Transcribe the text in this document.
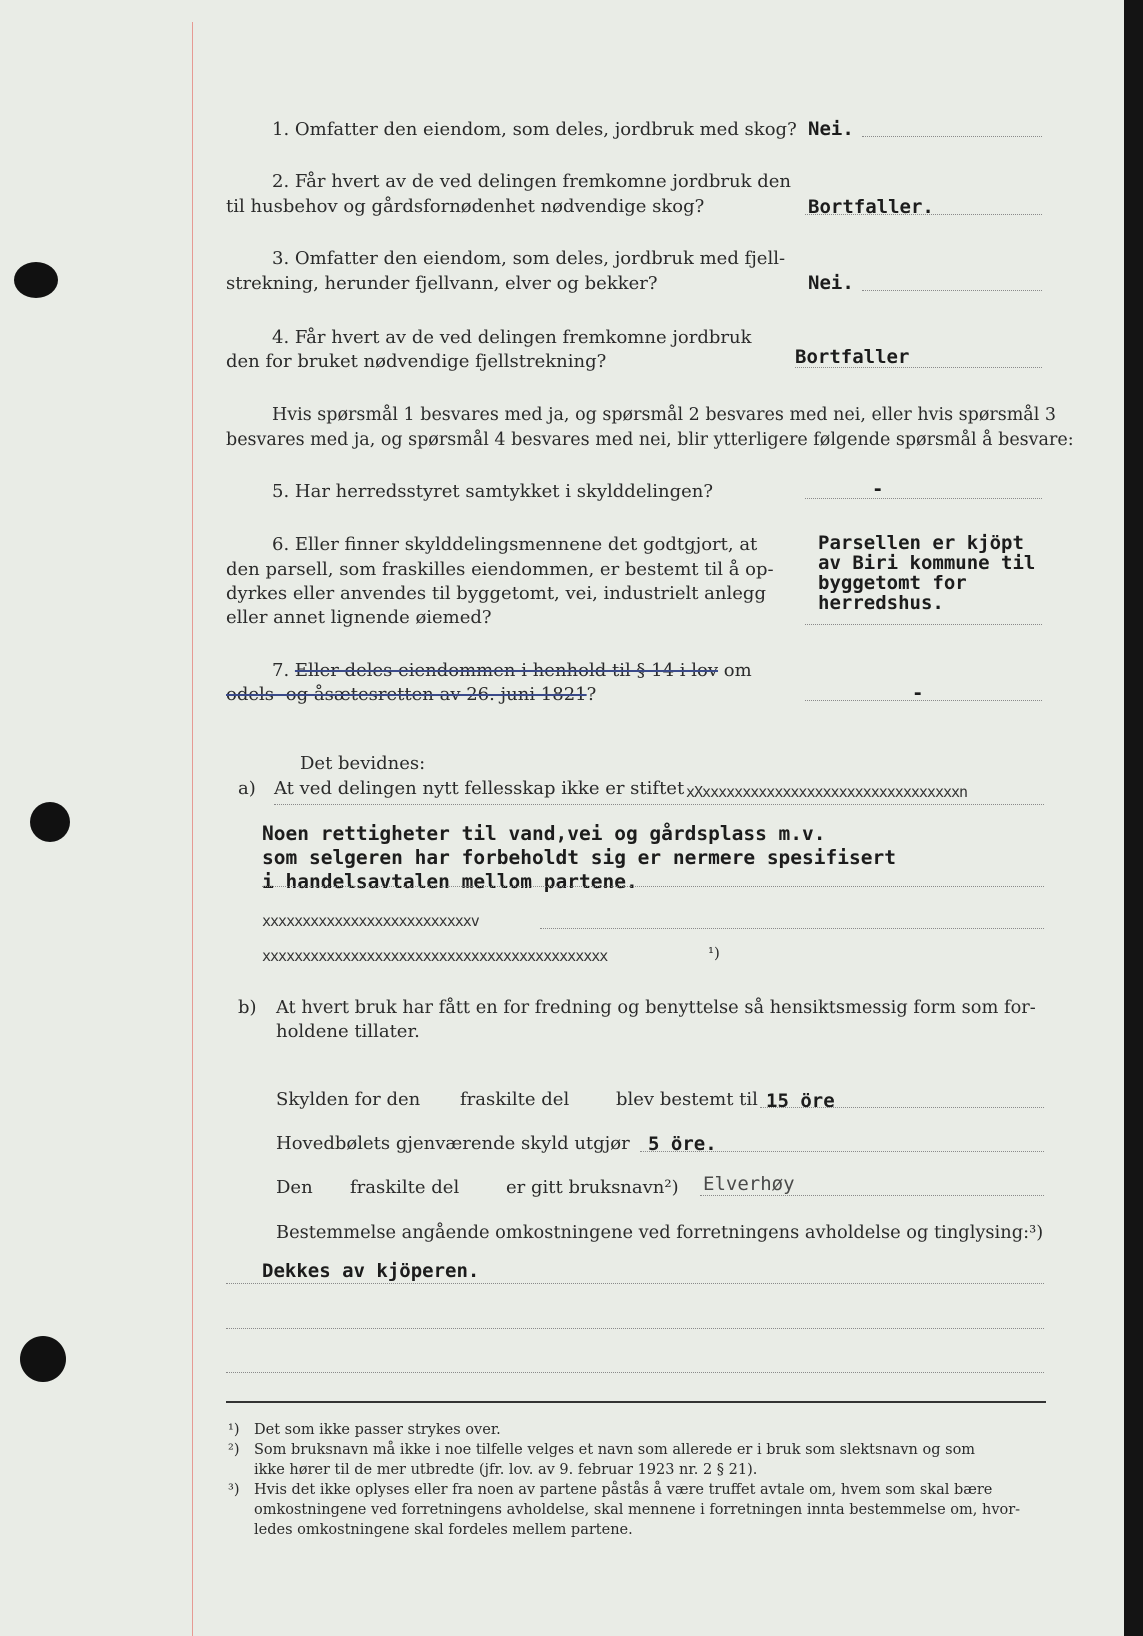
1. Omfatter den eiendom, som deles, jordbruk med skog? Nei.
2. Får hvert av de ved delingen fremkomne jordbruk den
til husbehov og gårdsfornødenhet nødvendige skog?	Bortfaller.
3. Omfatter den eiendom, som deles, jordbruk med fjell-
strekning, herunder fjellvann, elver og bekker?	Nei.
4. Får hvert av de ved delingen fremkomne jordbruk
den for bruket nødvendige fjellstrekning?	Bortfaller
Hvis spørsmål 1 besvares med ja, og spørsmål 2 besvares med nei, eller hvis spørsmål 3
besvares med ja, og spørsmål 4 besvares med nei, blir ytterligere følgende spørsmål å besvare:
5. Har herredsstyret samtykket i skylddelingen?	-
6. Eller finner skylddelingsmennene det godtgjort, at
den parsell, som fraskilles eiendommen, er bestemt til å op-
dyrkes eller anvendes til byggetomt, vei, industrielt anlegg
eller annet lignende øiemed?
Parsellen er kjöpt
av Biri kommune til
byggetomt for
herredshus.
7. Eller deles eiendommen i henhold til § 14 i lov om
odels- og åsætesretten av 26. juni 1821?	-
Det bevidnes:
a) At ved delingen nytt fellesskap ikke er stiftet xXxxxxxxxxxxxxxxxxxxxxxxxxxxxxxxxxn
Noen rettigheter til vand,vei og gårdsplass m.v.
som selgeren har forbeholdt sig er nermere spesifisert
i handelsavtalen mellom partene.
xxxxxxxxxxxxxxxxxxxxxxxxxxv
xxxxxxxxxxxxxxxxxxxxxxxxxxxxxxxxxxxxxxxxxxx	¹)
b) At hvert bruk har fått en for fredning og benyttelse så hensiktsmessig form som for-
holdene tillater.
Skylden for den fraskilte del	blev bestemt til 15 öre
Hovedbølets gjenværende skyld utgjør 5 öre.
Den fraskilte del	er gitt bruksnavn²) Elverhøy
Bestemmelse angående omkostningene ved forretningens avholdelse og tinglysing:³)
Dekkes av kjöperen.
¹) Det som ikke passer strykes over.
²) Som bruksnavn må ikke i noe tilfelle velges et navn som allerede er i bruk som slektsnavn og som
ikke hører til de mer utbredte (jfr. lov. av 9. februar 1923 nr. 2 § 21).
³) Hvis det ikke oplyses eller fra noen av partene påstås å være truffet avtale om, hvem som skal bære
omkostningene ved forretningens avholdelse, skal mennene i forretningen innta bestemmelse om, hvor-
ledes omkostningene skal fordeles mellem partene.
